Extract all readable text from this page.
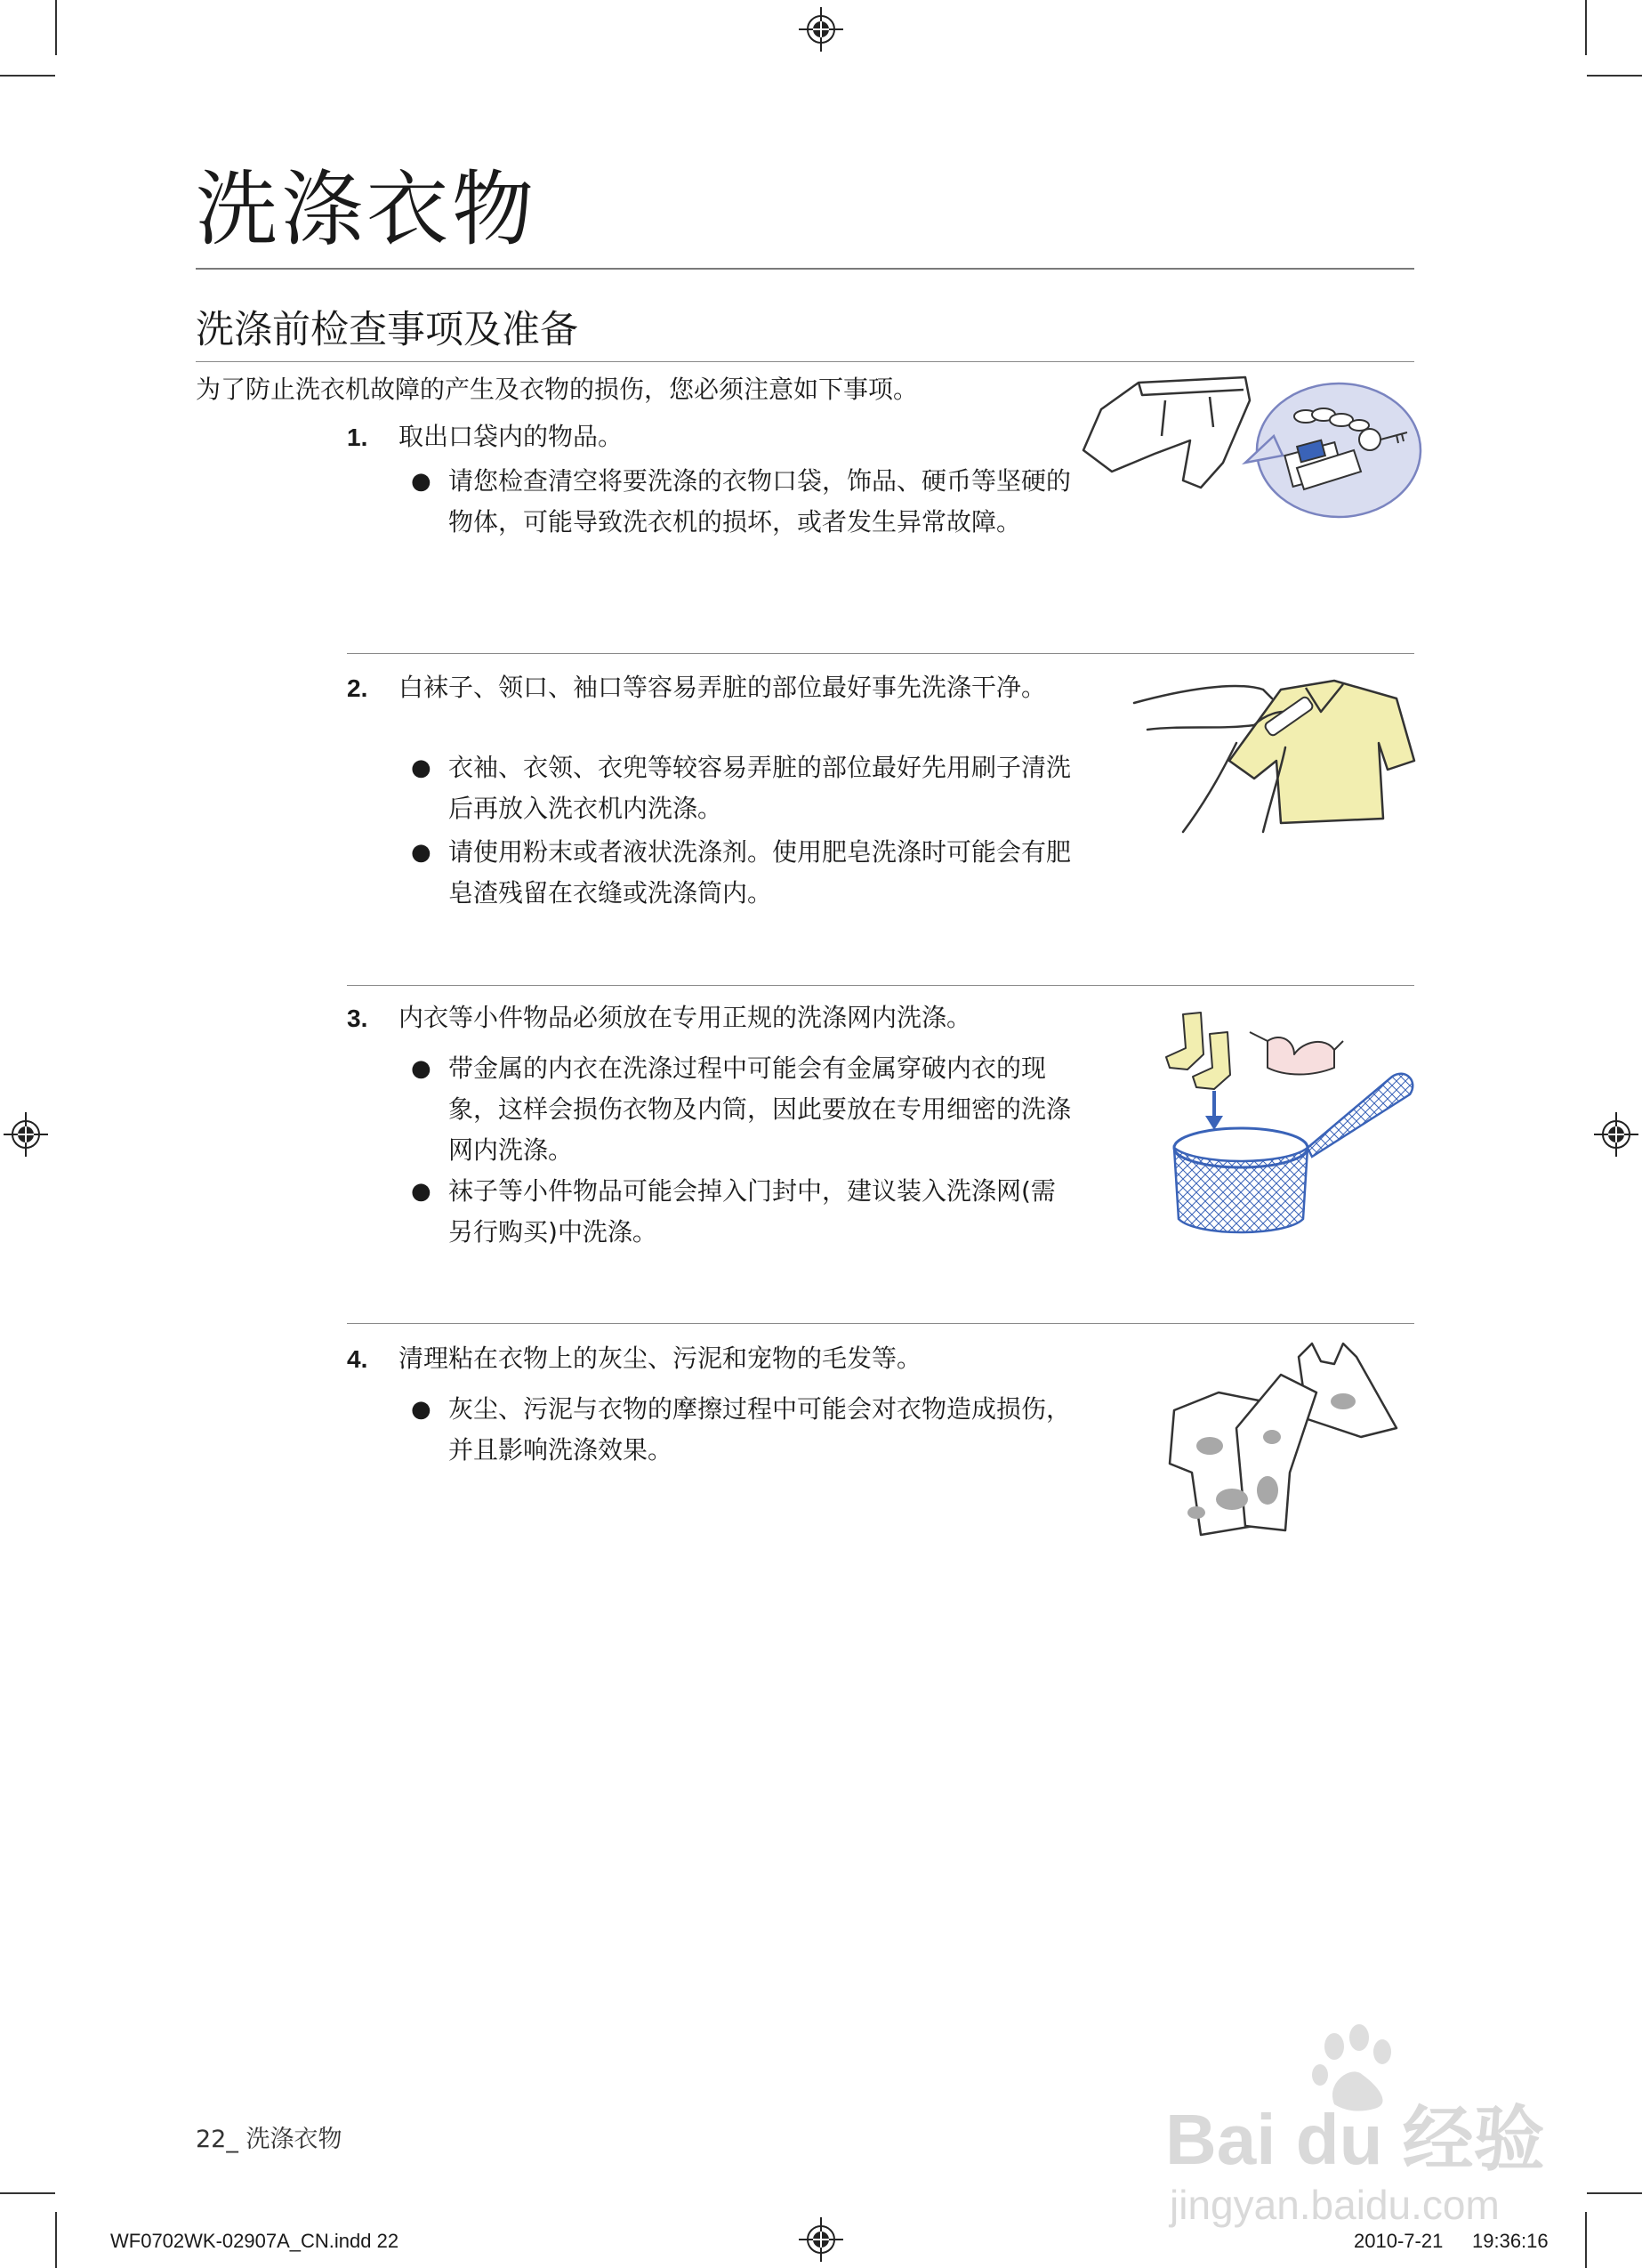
洗涤衣物
洗涤前检查事项及准备
为了防止洗衣机故障的产生及衣物的损伤，您必须注意如下事项。
1. 取出口袋内的物品。
● 请您检查清空将要洗涤的衣物口袋，饰品、硬币等坚硬的物体，可能导致洗衣机的损坏，或者发生异常故障。
2. 白袜子、领口、袖口等容易弄脏的部位最好事先洗涤干净。
● 衣袖、衣领、衣兜等较容易弄脏的部位最好先用刷子清洗后再放入洗衣机内洗涤。
● 请使用粉末或者液状洗涤剂。使用肥皂洗涤时可能会有肥皂渣残留在衣缝或洗涤筒内。
3. 内衣等小件物品必须放在专用正规的洗涤网内洗涤。
● 带金属的内衣在洗涤过程中可能会有金属穿破内衣的现象，这样会损伤衣物及内筒，因此要放在专用细密的洗涤网内洗涤。
● 袜子等小件物品可能会掉入门封中，建议装入洗涤网(需另行购买)中洗涤。
4. 清理粘在衣物上的灰尘、污泥和宠物的毛发等。
● 灰尘、污泥与衣物的摩擦过程中可能会对衣物造成损伤，并且影响洗涤效果。
22_ 洗涤衣物	Bai du 经验
jingyan.baidu.com
WF0702WK-02907A_CN.indd 22	2010-7-21 19:36:16
